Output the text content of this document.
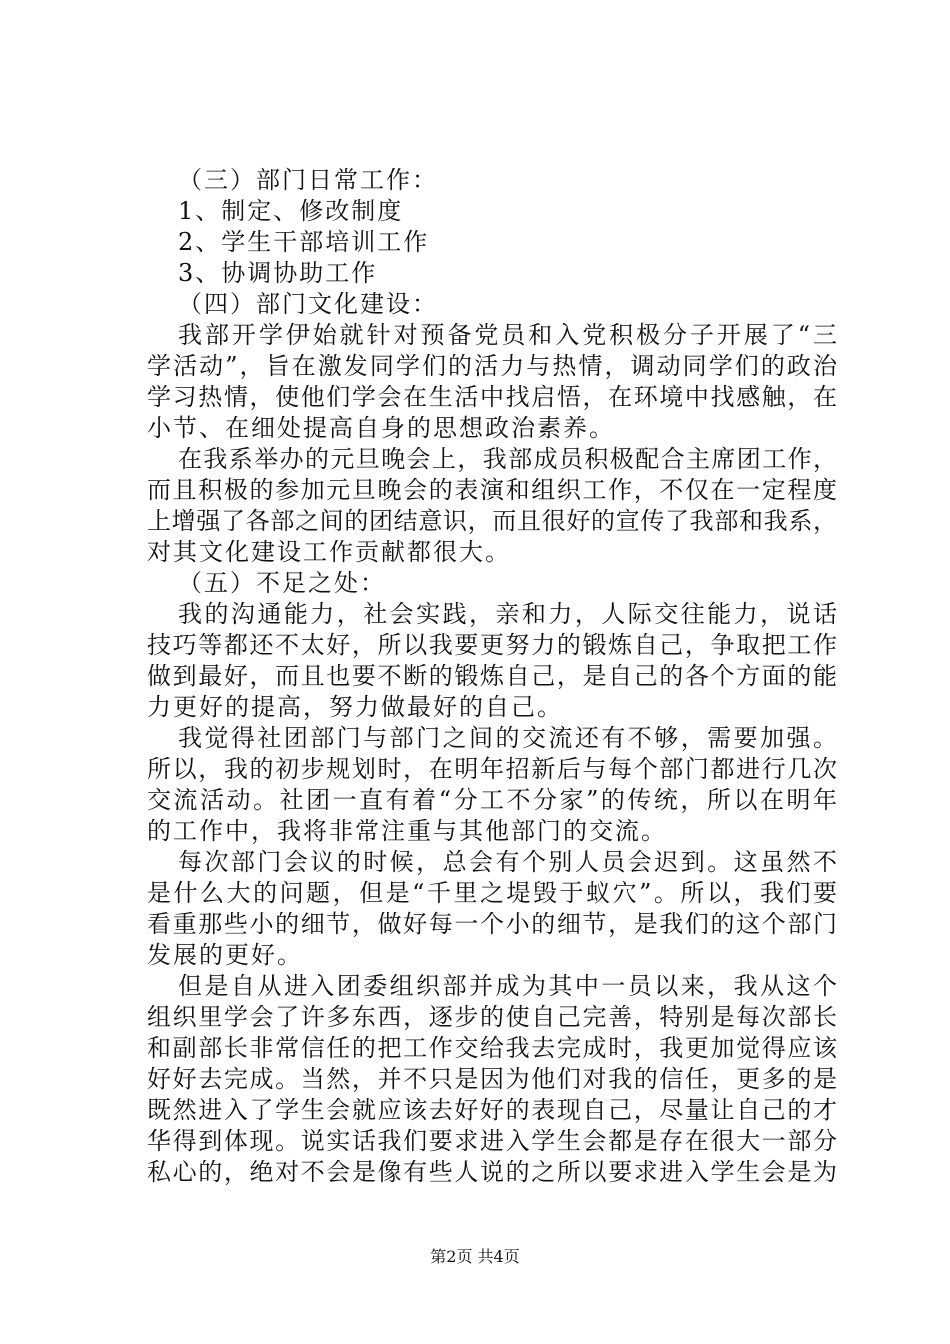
（三）部门日常工作：
1、制定、修改制度
2、学生干部培训工作
3、协调协助工作
（四）部门文化建设：
我部开学伊始就针对预备党员和入党积极分子开展了“三
学活动”，旨在激发同学们的活力与热情，调动同学们的政治
学习热情，使他们学会在生活中找启悟，在环境中找感触，在
小节、在细处提高自身的思想政治素养。
在我系举办的元旦晚会上，我部成员积极配合主席团工作，
而且积极的参加元旦晚会的表演和组织工作，不仅在一定程度
上增强了各部之间的团结意识，而且很好的宣传了我部和我系，
对其文化建设工作贡献都很大。
（五）不足之处：
我的沟通能力，社会实践，亲和力，人际交往能力，说话
技巧等都还不太好，所以我要更努力的锻炼自己，争取把工作
做到最好，而且也要不断的锻炼自己，是自己的各个方面的能
力更好的提高，努力做最好的自己。
我觉得社团部门与部门之间的交流还有不够，需要加强。
所以，我的初步规划时，在明年招新后与每个部门都进行几次
交流活动。社团一直有着“分工不分家”的传统，所以在明年
的工作中，我将非常注重与其他部门的交流。
每次部门会议的时候，总会有个别人员会迟到。这虽然不
是什么大的问题，但是“千里之堤毁于蚁穴”。所以，我们要
看重那些小的细节，做好每一个小的细节，是我们的这个部门
发展的更好。
但是自从进入团委组织部并成为其中一员以来，我从这个
组织里学会了许多东西，逐步的使自己完善，特别是每次部长
和副部长非常信任的把工作交给我去完成时，我更加觉得应该
好好去完成。当然，并不只是因为他们对我的信任，更多的是
既然进入了学生会就应该去好好的表现自己，尽量让自己的才
华得到体现。说实话我们要求进入学生会都是存在很大一部分
私心的，绝对不会是像有些人说的之所以要求进入学生会是为
第2页 共4页
